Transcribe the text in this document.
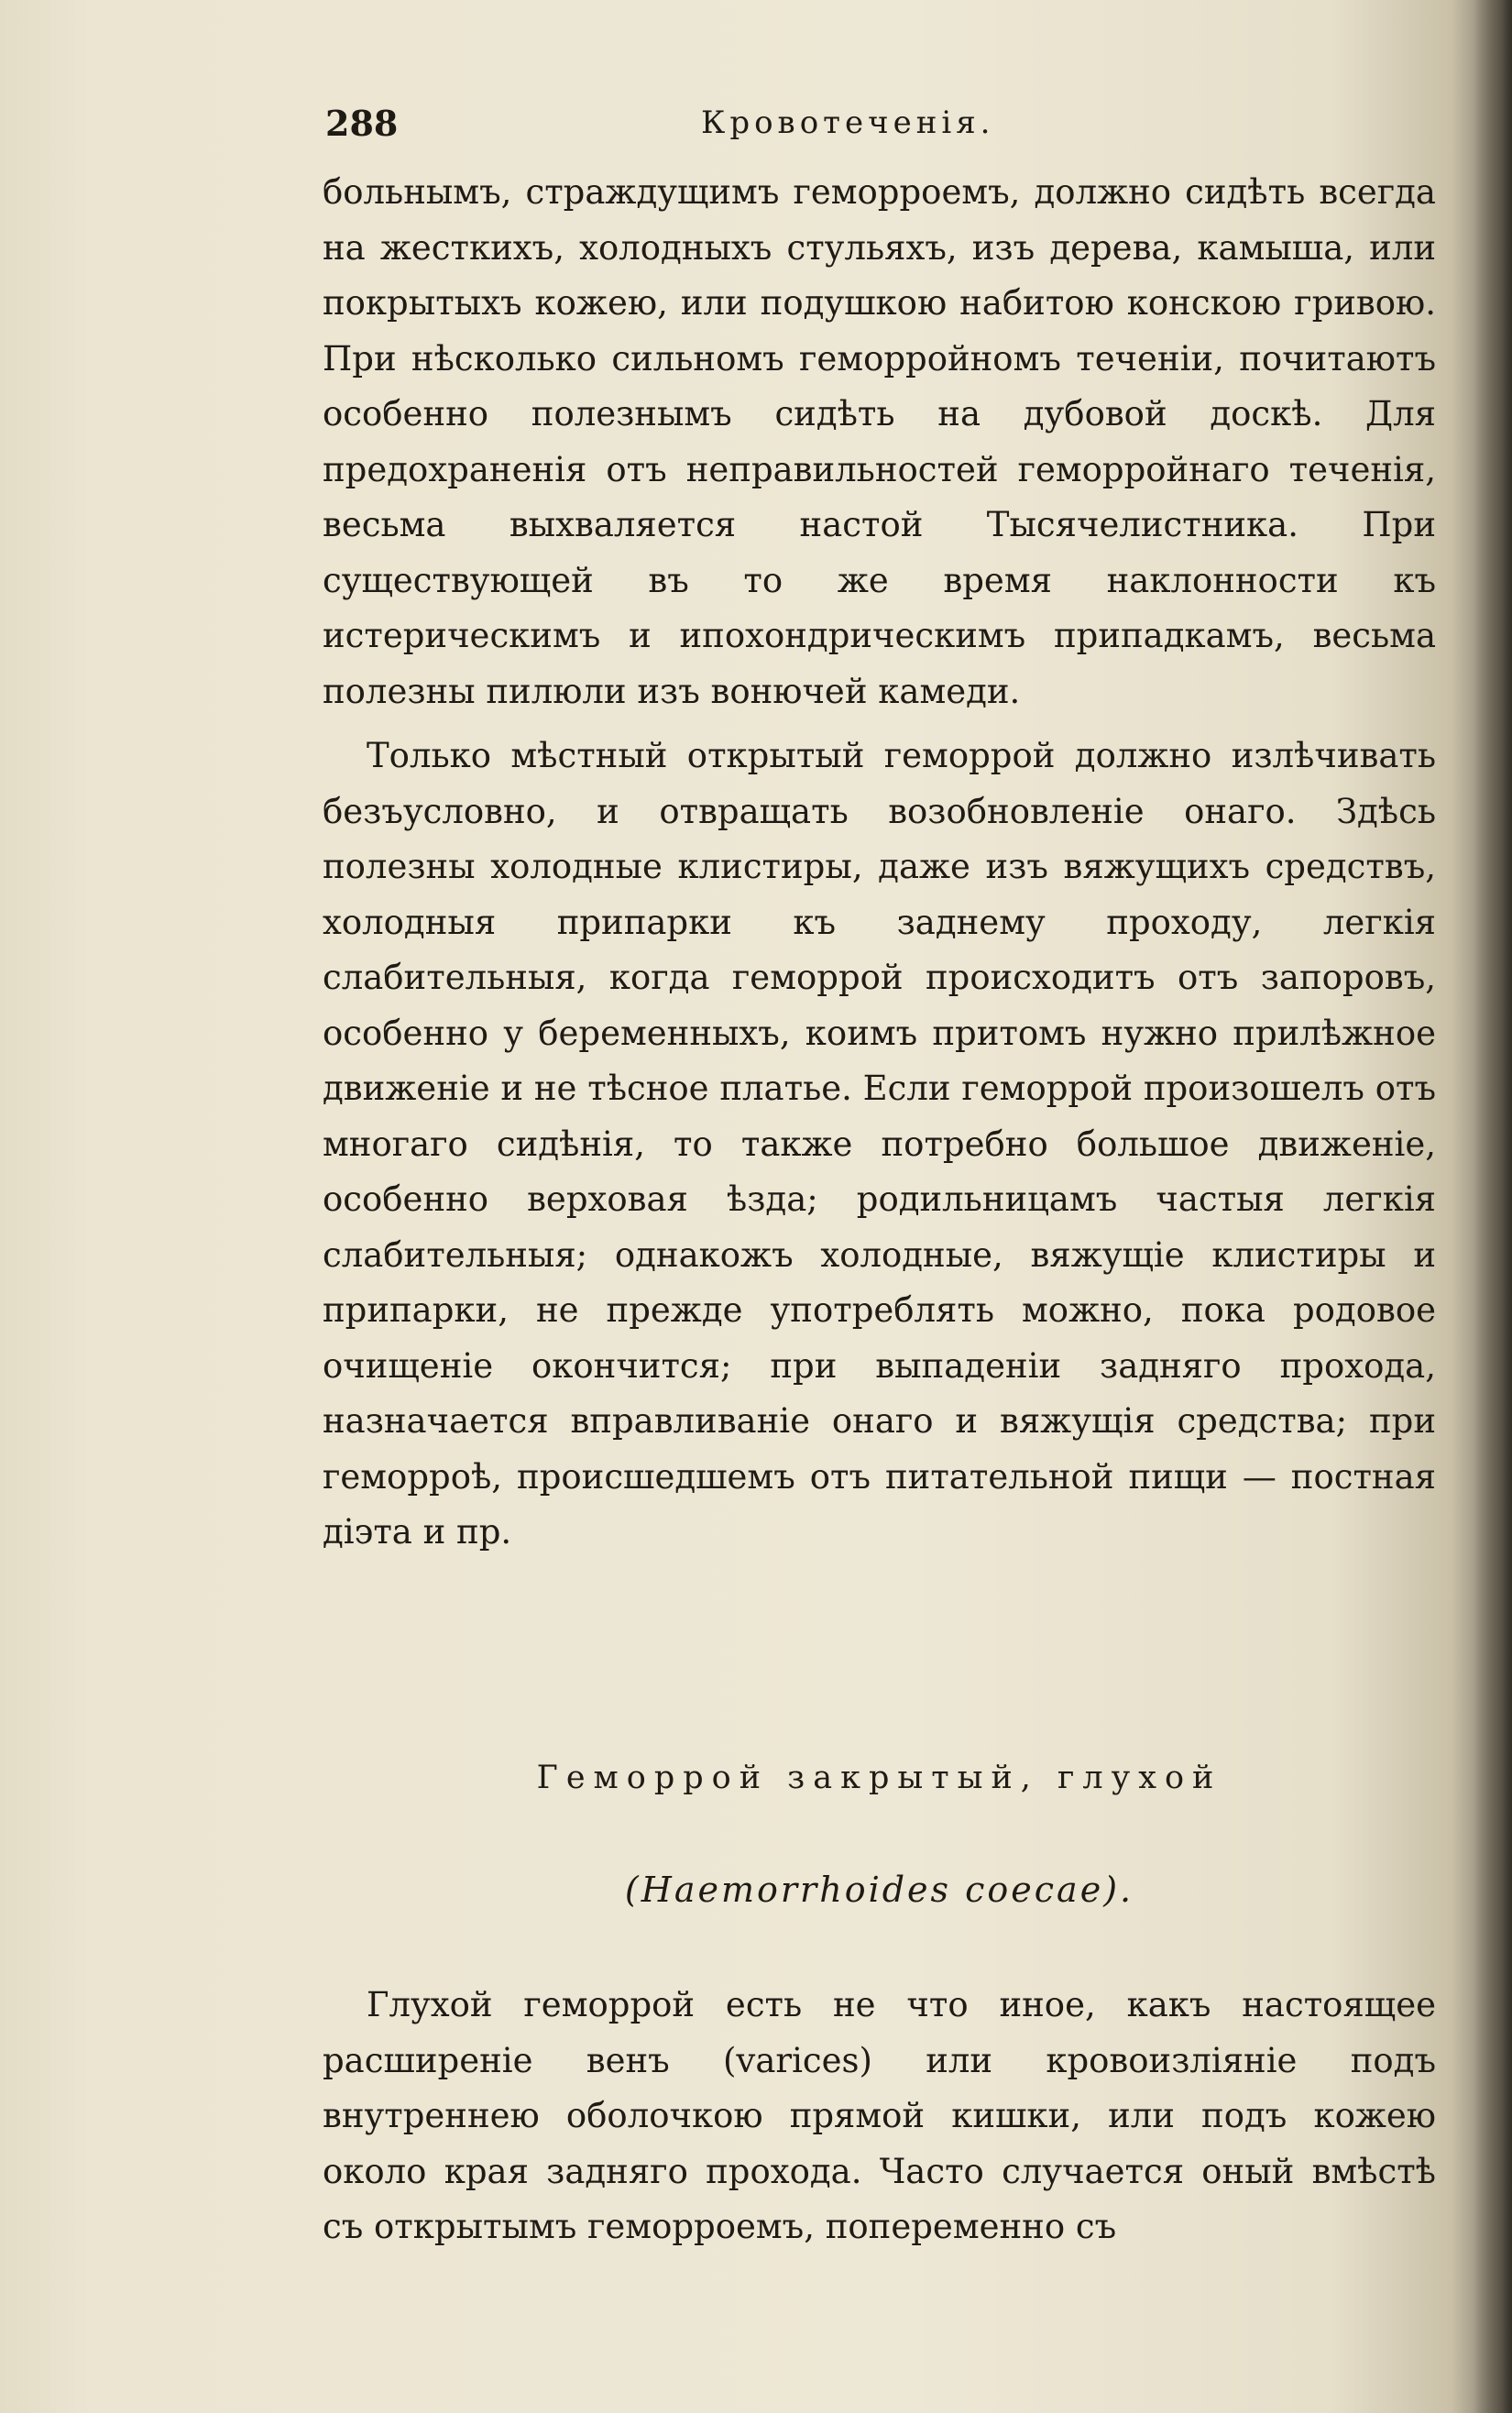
288	Кровотеченія.

больнымъ, страждущимъ геморроемъ, должно сидѣть всегда на жесткихъ, холодныхъ стульяхъ, изъ дерева, камыша, или покрытыхъ кожею, или подушкою набитою конскою гривою. При нѣсколько сильномъ геморройномъ теченіи, почитаютъ особенно полезнымъ сидѣть на дубовой доскѣ. Для предохраненія отъ неправильностей геморройнаго теченія, весьма выхваляется настой Тысячелистника. При существующей въ то же время наклонности къ истерическимъ и ипохондрическимъ припадкамъ, весьма полезны пилюли изъ вонючей камеди.

Только мѣстный открытый геморрой должно излѣчивать безъусловно, и отвращать возобновленіе онаго. Здѣсь полезны холодные клистиры, даже изъ вяжущихъ средствъ, холодныя припарки къ заднему проходу, легкія слабительныя, когда геморрой происходитъ отъ запоровъ, особенно у беременныхъ, коимъ притомъ нужно прилѣжное движеніе и не тѣсное платье. Если геморрой произошелъ отъ многаго сидѣнія, то также потребно большое движеніе, особенно верховая ѣзда; родильницамъ частыя легкія слабительныя; однакожъ холодные, вяжущіе клистиры и припарки, не прежде употреблять можно, пока родовое очищеніе окончится; при выпаденіи задняго прохода, назначается вправливаніе онаго и вяжущія средства; при геморроѣ, происшедшемъ отъ питательной пищи — постная діэта и пр.

Геморрой закрытый, глухой
(Haemorrhoides coecae).

Глухой геморрой есть не что иное, какъ настоящее расширеніе венъ (varices) или кровоизліяніе подъ внутреннею оболочкою прямой кишки, или подъ кожею около края задняго прохода. Часто случается оный вмѣстѣ съ открытымъ геморроемъ, попеременно съ
